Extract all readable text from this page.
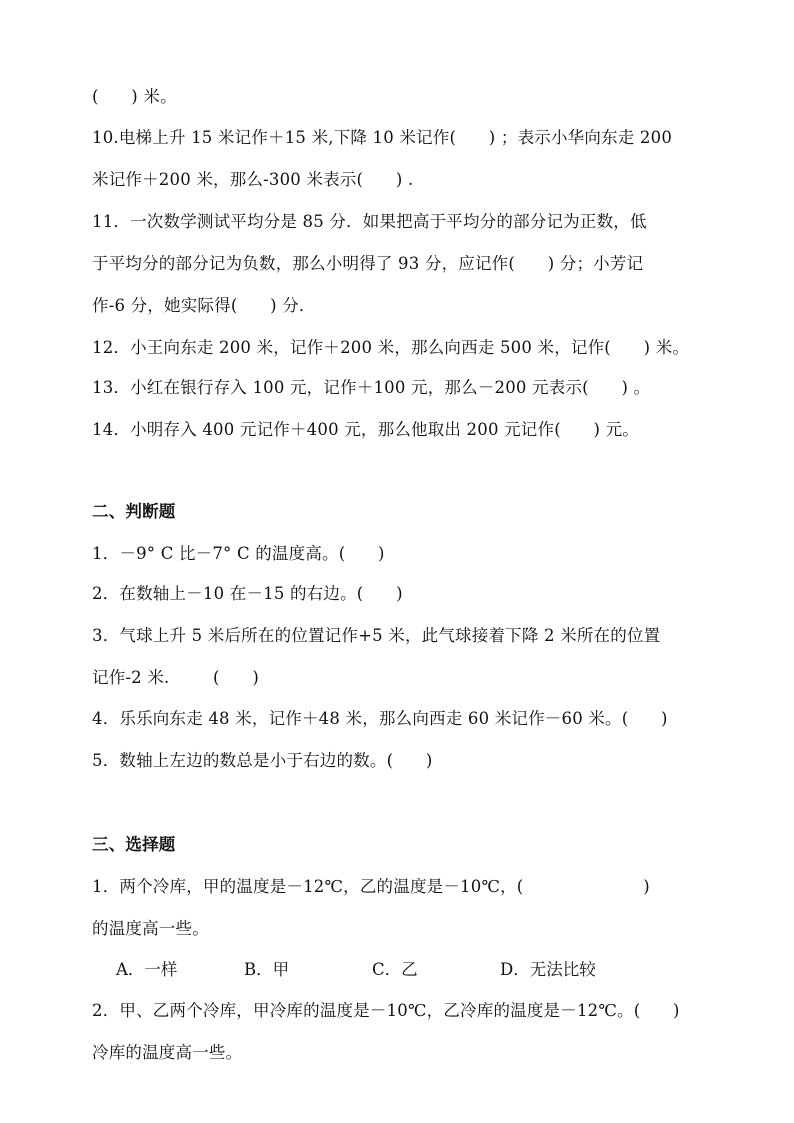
(      ) 米。
10.电梯上升 15 米记作＋15 米,下降 10 米记作(      ) ；表示小华向东走 200
米记作＋200 米，那么-300 米表示(      ) .
11．一次数学测试平均分是 85 分．如果把高于平均分的部分记为正数，低
于平均分的部分记为负数，那么小明得了 93 分，应记作(      ) 分；小芳记
作-6 分，她实际得(      ) 分．
12．小王向东走 200 米，记作＋200 米，那么向西走 500 米，记作(      ) 米。
13．小红在银行存入 100 元，记作＋100 元，那么－200 元表示(      ) 。
14．小明存入 400 元记作＋400 元，那么他取出 200 元记作(      ) 元。
二、判断题
1．－9° C 比－7° C 的温度高。(      )
2．在数轴上－10 在－15 的右边。(      )
3．气球上升 5 米后所在的位置记作+5 米，此气球接着下降 2 米所在的位置
记作-2 米.        (      )
4．乐乐向东走 48 米，记作＋48 米，那么向西走 60 米记作－60 米。(      )
5．数轴上左边的数总是小于右边的数。(      )
三、选择题
1．两个冷库，甲的温度是－12℃，乙的温度是－10℃，(                      )
的温度高一些。
A．一样	B．甲	C．乙	D．无法比较
2．甲、乙两个冷库，甲冷库的温度是－10℃，乙冷库的温度是－12℃。(      )
冷库的温度高一些。
